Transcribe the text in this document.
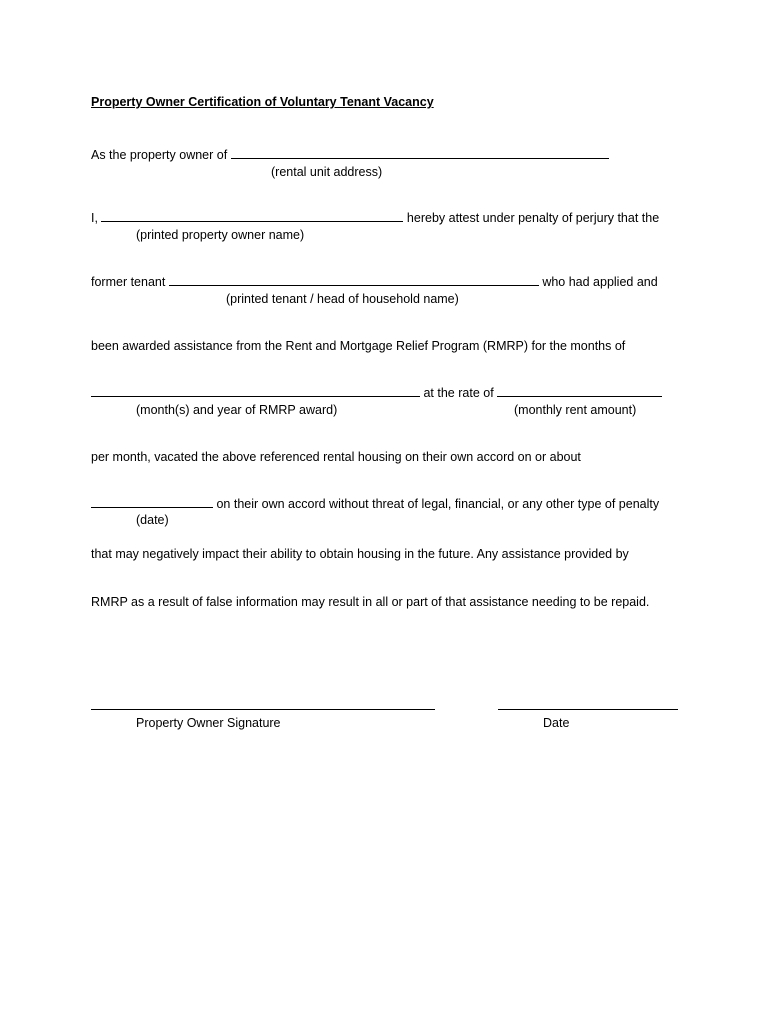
Property Owner Certification of Voluntary Tenant Vacancy
As the property owner of
(rental unit address)
I,	hereby attest under penalty of perjury that the
(printed property owner name)
former tenant	who had applied and
(printed tenant / head of household name)
been awarded assistance from the Rent and Mortgage Relief Program (RMRP) for the months of
at the rate of
(month(s) and year of RMRP award)	(monthly rent amount)
per month, vacated the above referenced rental housing on their own accord on or about
on their own accord without threat of legal, financial, or any other type of penalty
(date)
that may negatively impact their ability to obtain housing in the future. Any assistance provided by
RMRP as a result of false information may result in all or part of that assistance needing to be repaid.
Property Owner Signature	Date
